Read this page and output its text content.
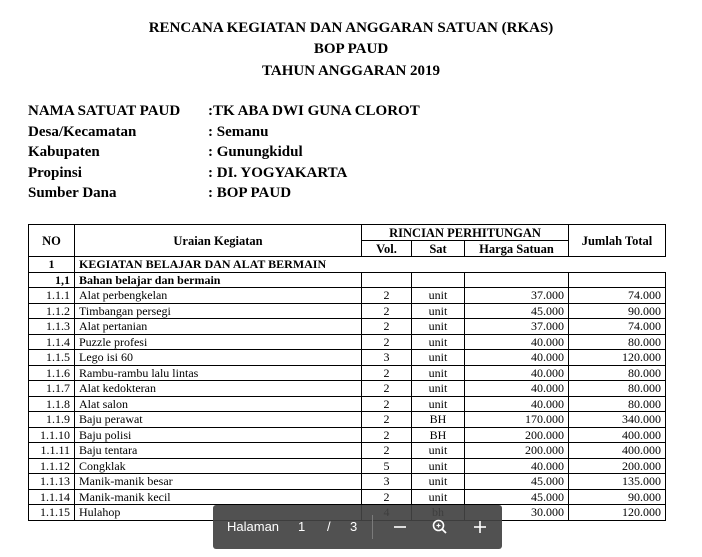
RENCANA KEGIATAN DAN ANGGARAN SATUAN (RKAS)
BOP PAUD
TAHUN ANGGARAN 2019
NAMA SATUAT PAUD :TK ABA DWI GUNA CLOROT
Desa/Kecamatan	: Semanu
Kabupaten	: Gunungkidul
Propinsi	: DI. YOGYAKARTA
Sumber Dana	: BOP PAUD
NO	Uraian Kegiatan	RINCIAN PERHITUNGAN			Jumlah Total
		Vol.	Sat	Harga Satuan	
1	KEGIATAN BELAJAR DAN ALAT BERMAIN				
1,1	Bahan belajar dan bermain				
1.1.1	Alat perbengkelan	2	unit	37.000	74.000
1.1.2	Timbangan persegi	2	unit	45.000	90.000
1.1.3	Alat pertanian	2	unit	37.000	74.000
1.1.4	Puzzle profesi	2	unit	40.000	80.000
1.1.5	Lego isi 60	3	unit	40.000	120.000
1.1.6	Rambu-rambu lalu lintas	2	unit	40.000	80.000
1.1.7	Alat kedokteran	2	unit	40.000	80.000
1.1.8	Alat salon	2	unit	40.000	80.000
1.1.9	Baju perawat	2	BH	170.000	340.000
1.1.10	Baju polisi	2	BH	200.000	400.000
1.1.11	Baju tentara	2	unit	200.000	400.000
1.1.12	Congklak	5	unit	40.000	200.000
1.1.13	Manik-manik besar	3	unit	45.000	135.000
1.1.14	Manik-manik kecil	2	unit	45.000	90.000
1.1.15	Hulahop			30.000	120.000
Halaman 1 / 3
